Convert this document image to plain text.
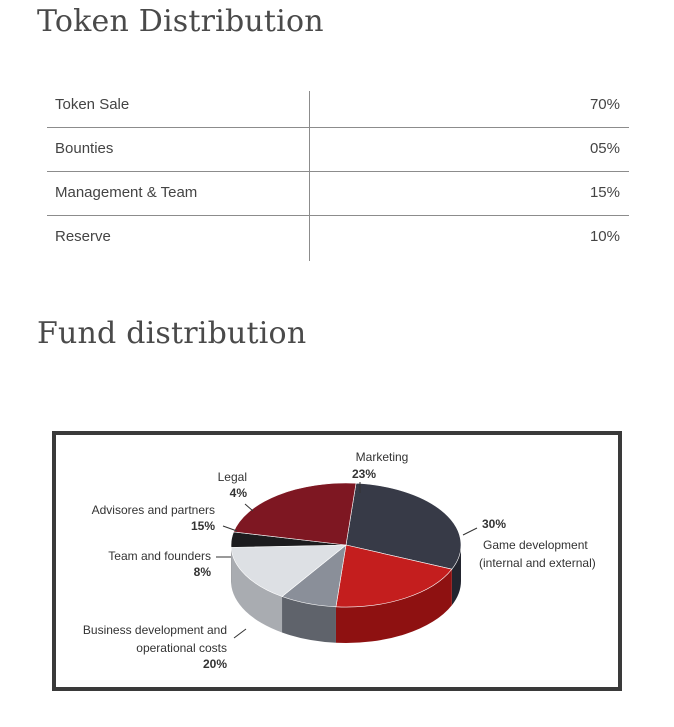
Token Distribution
Token Sale	70%
Bounties	05%
Management & Team	15%
Reserve	10%
Fund distribution
Marketing
23%
Legal
4%
Advisores and partners
15%
Team and founders
8%
Business development and
operational costs
20%
30%
Game development
(internal and external)
